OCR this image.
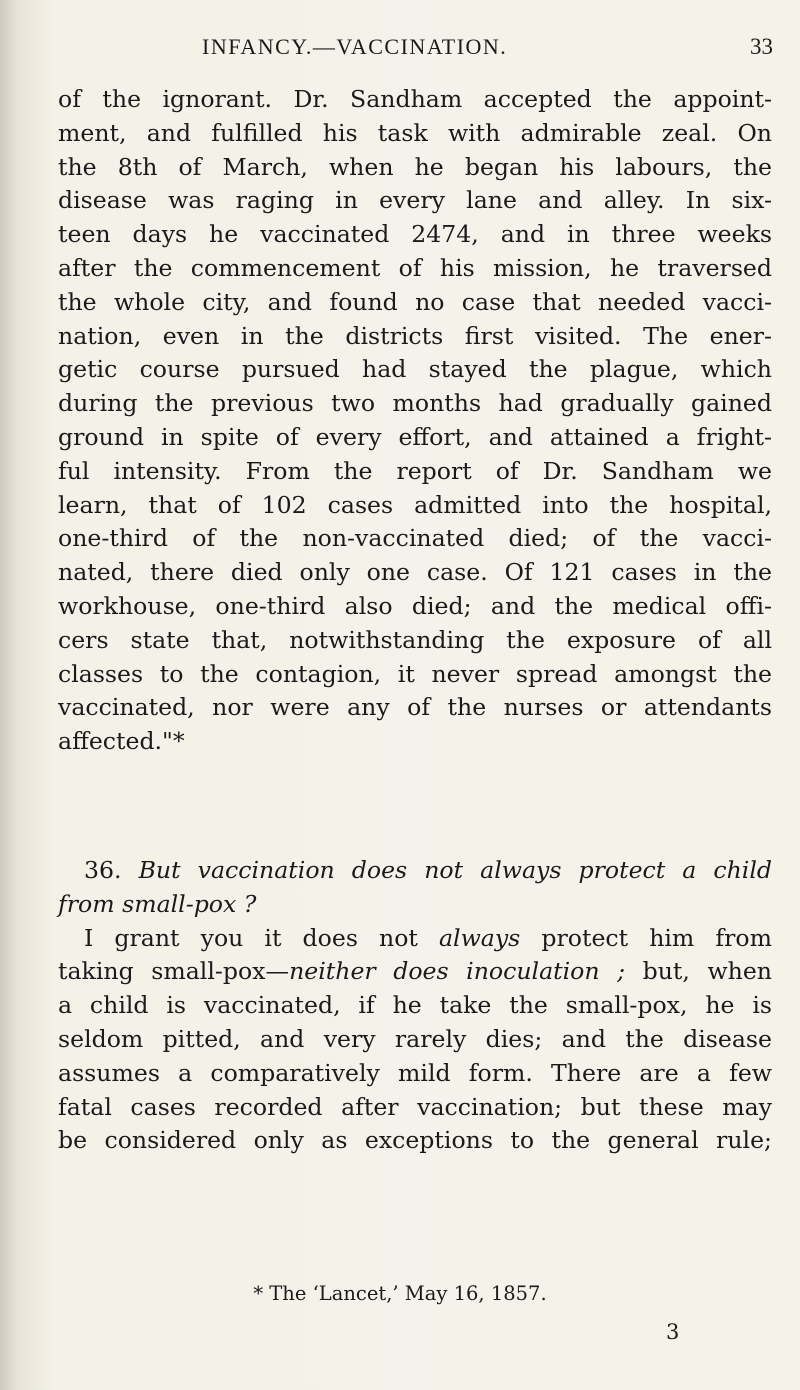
INFANCY.—VACCINATION.	33
of the ignorant. Dr. Sandham accepted the appoint-
ment, and fulfilled his task with admirable zeal. On
the 8th of March, when he began his labours, the
disease was raging in every lane and alley. In six-
teen days he vaccinated 2474, and in three weeks
after the commencement of his mission, he traversed
the whole city, and found no case that needed vacci-
nation, even in the districts first visited. The ener-
getic course pursued had stayed the plague, which
during the previous two months had gradually gained
ground in spite of every effort, and attained a fright-
ful intensity. From the report of Dr. Sandham we
learn, that of 102 cases admitted into the hospital,
one-third of the non-vaccinated died; of the vacci-
nated, there died only one case. Of 121 cases in the
workhouse, one-third also died; and the medical offi-
cers state that, notwithstanding the exposure of all
classes to the contagion, it never spread amongst the
vaccinated, nor were any of the nurses or attendants
affected."*
36. But vaccination does not always protect a child
from small-pox ?
I grant you it does not always protect him from
taking small-pox—neither does inoculation ; but, when
a child is vaccinated, if he take the small-pox, he is
seldom pitted, and very rarely dies; and the disease
assumes a comparatively mild form. There are a few
fatal cases recorded after vaccination; but these may
be considered only as exceptions to the general rule;
* The ‘Lancet,’ May 16, 1857.
3
